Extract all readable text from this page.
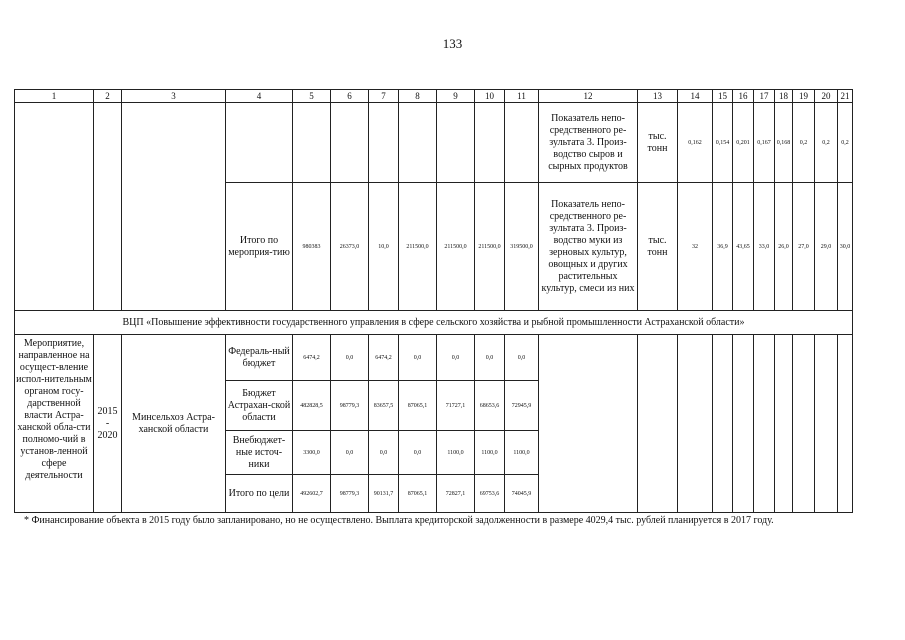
133
1	2	3	4	5	6	7	8	9	10	11	12	13	14	15	16	17	18	19	20	21
											Показатель непо-средственного ре-зультата 3. Произ-водство сыров и сырных продуктов	тыс. тонн	0,162	0,154	0,201	0,167	0,168	0,2	0,2	0,2
			Итого по мероприя-тию	980383	26373,0	10,0	211500,0	211500,0	211500,0	319500,0	Показатель непо-средственного ре-зультата 3. Произ-водство муки из зерновых культур, овощных и других растительных культур, смеси из них	тыс. тонн	32	36,9	43,65	33,0	26,0	27,0	29,0	30,0
ВЦП «Повышение эффективности государственного управления в сфере сельского хозяйства и рыбной промышленности Астраханской области»																				
Мероприятие, направленное на осущест-вление испол-нительным органом госу-дарственной власти Астра-ханской обла-сти полномо-чий в установ-ленной сфере деятельности	2015 - 2020	Минсельхоз Астра-ханской области	Федераль-ный бюджет	6474,2	0,0	6474,2	0,0	0,0	0,0	0,0										
			Бюджет Астрахан-ской области	482828,5	98779,3	83657,5	87065,1	71727,1	68653,6	72945,9										
			Внебюджет-ные источ-ники	3300,0	0,0	0,0	0,0	1100,0	1100,0	1100,0										
			Итого по цели	492602,7	98779,3	90131,7	87065,1	72827,1	69753,6	74045,9										
* Финансирование объекта в 2015 году было запланировано, но не осуществлено. Выплата кредиторской задолженности в размере 4029,4 тыс. рублей планируется в 2017 году.
